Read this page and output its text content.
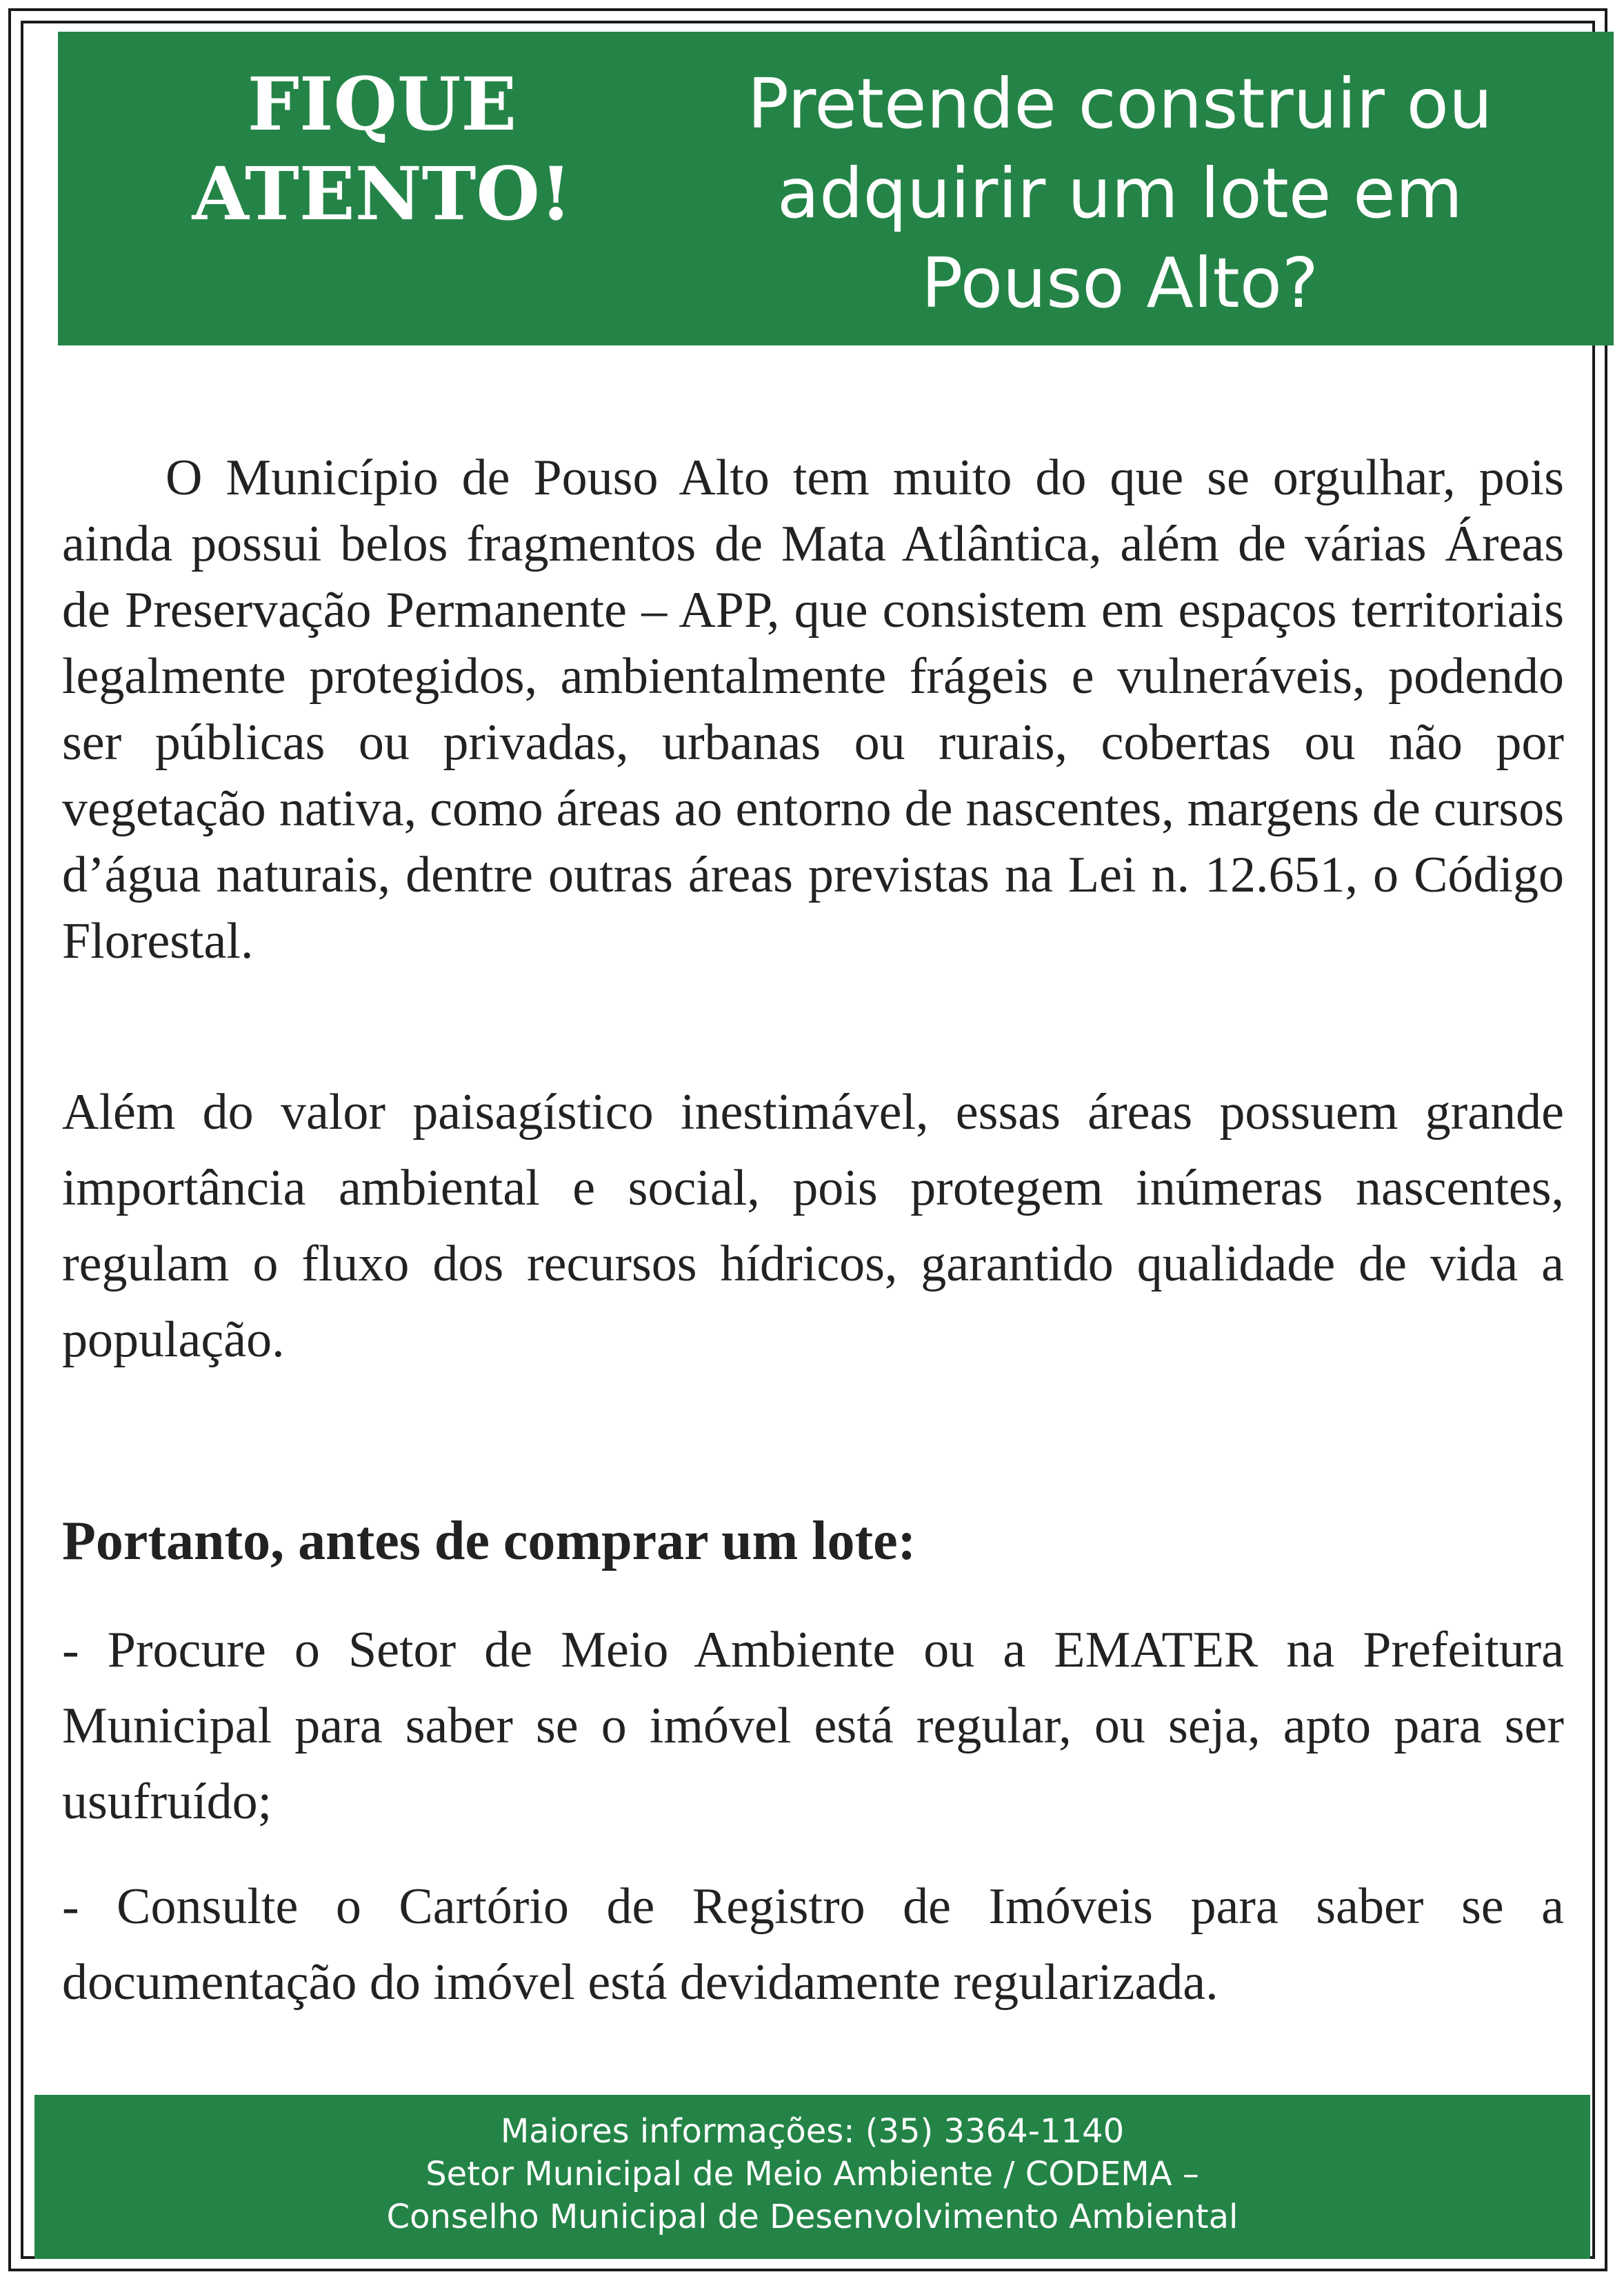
FIQUE
ATENTO!
Pretende construir ou
adquirir um lote em
Pouso Alto?

O Município de Pouso Alto tem muito do que se orgulhar, pois ainda possui belos fragmentos de Mata Atlântica, além de várias Áreas de Preservação Permanente – APP, que consistem em espaços territoriais legalmente protegidos, ambientalmente frágeis e vulneráveis, podendo ser públicas ou privadas, urbanas ou rurais, cobertas ou não por vegetação nativa, como áreas ao entorno de nascentes, margens de cursos d’água naturais, dentre outras áreas previstas na Lei n. 12.651, o Código Florestal.

Além do valor paisagístico inestimável, essas áreas possuem grande importância ambiental e social, pois protegem inúmeras nascentes, regulam o fluxo dos recursos hídricos, garantido qualidade de vida a população.

Portanto, antes de comprar um lote:

- Procure o Setor de Meio Ambiente ou a EMATER na Prefeitura Municipal para saber se o imóvel está regular, ou seja, apto para ser usufruído;

- Consulte o Cartório de Registro de Imóveis para saber se a documentação do imóvel está devidamente regularizada.

Maiores informações: (35) 3364-1140
Setor Municipal de Meio Ambiente / CODEMA –
Conselho Municipal de Desenvolvimento Ambiental
